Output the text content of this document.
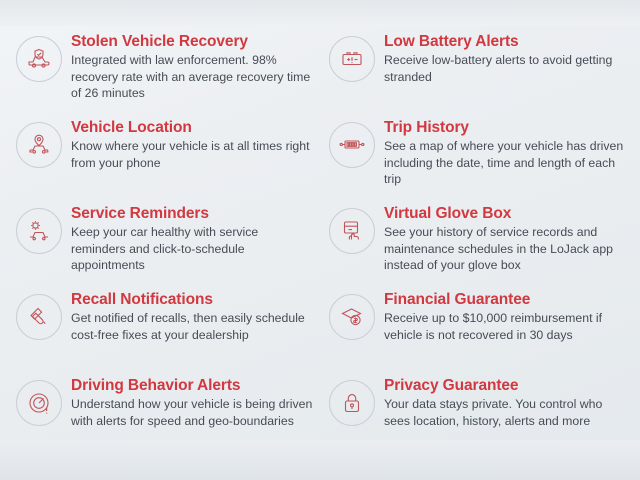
Stolen Vehicle Recovery

Integrated with law enforcement. 98% recovery rate with an average recovery time of 26 minutes

Vehicle Location

Know where your vehicle is at all times right from your phone

Service Reminders

Keep your car healthy with service reminders and click-to-schedule appointments

Recall Notifications

Get notified of recalls, then easily schedule cost-free fixes at your dealership

Driving Behavior Alerts

Understand how your vehicle is being driven with alerts for speed and geo-boundaries

Low Battery Alerts

Receive low-battery alerts to avoid getting stranded

Trip History

See a map of where your vehicle has driven including the date, time and length of each trip

Virtual Glove Box

See your history of service records and maintenance schedules in the LoJack app instead of your glove box

Financial Guarantee

Receive up to $10,000 reimbursement if vehicle is not recovered in 30 days

Privacy Guarantee

Your data stays private. You control who sees location, history, alerts and more
